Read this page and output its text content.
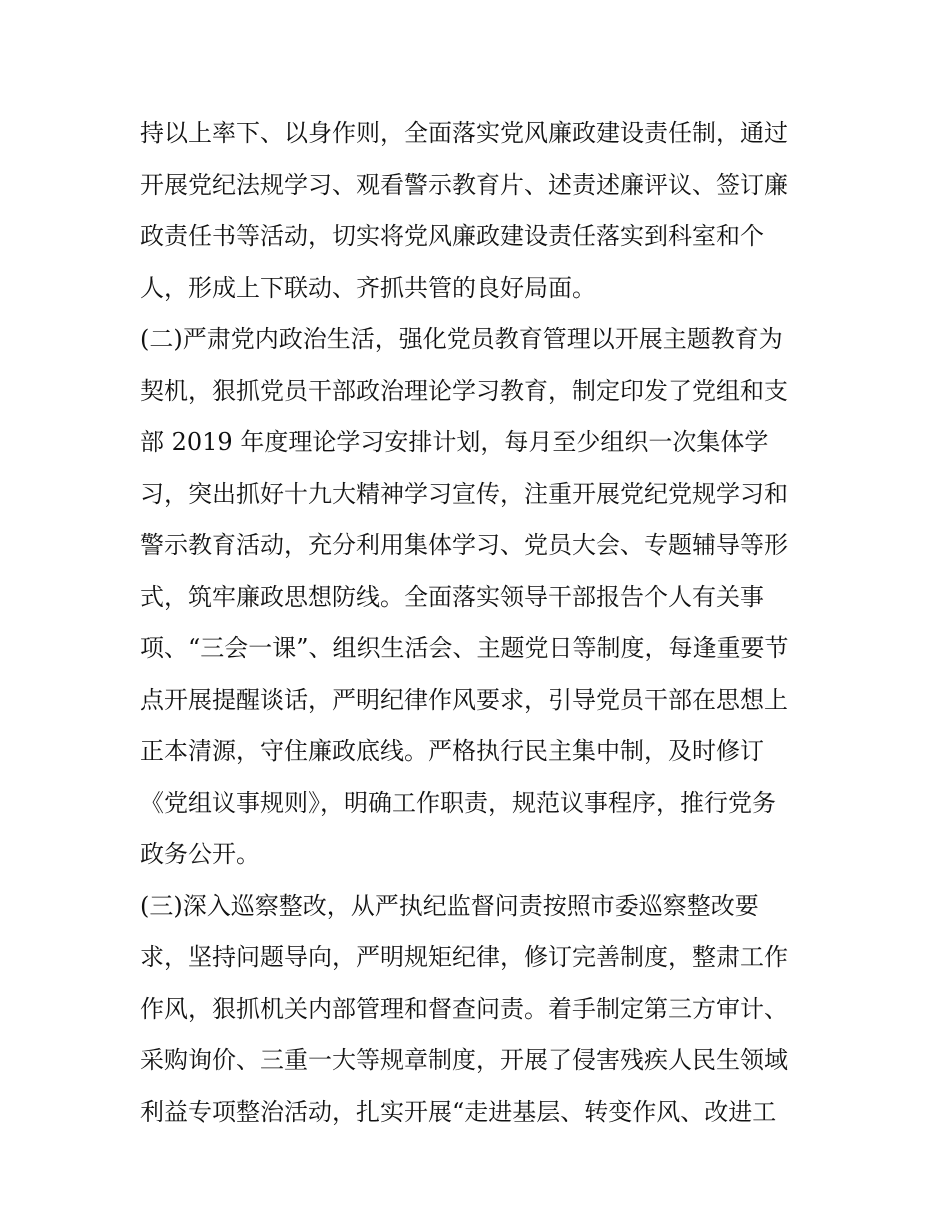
持以上率下、以身作则，全面落实党风廉政建设责任制，通过
开展党纪法规学习、观看警示教育片、述责述廉评议、签订廉
政责任书等活动，切实将党风廉政建设责任落实到科室和个
人，形成上下联动、齐抓共管的良好局面。
(二)严肃党内政治生活，强化党员教育管理以开展主题教育为
契机，狠抓党员干部政治理论学习教育，制定印发了党组和支
部 2019 年度理论学习安排计划，每月至少组织一次集体学
习，突出抓好十九大精神学习宣传，注重开展党纪党规学习和
警示教育活动，充分利用集体学习、党员大会、专题辅导等形
式，筑牢廉政思想防线。全面落实领导干部报告个人有关事
项、“三会一课”、组织生活会、主题党日等制度，每逢重要节
点开展提醒谈话，严明纪律作风要求，引导党员干部在思想上
正本清源，守住廉政底线。严格执行民主集中制，及时修订
《党组议事规则》，明确工作职责，规范议事程序，推行党务
政务公开。
(三)深入巡察整改，从严执纪监督问责按照市委巡察整改要
求，坚持问题导向，严明规矩纪律，修订完善制度，整肃工作
作风，狠抓机关内部管理和督查问责。着手制定第三方审计、
采购询价、三重一大等规章制度，开展了侵害残疾人民生领域
利益专项整治活动，扎实开展“走进基层、转变作风、改进工
